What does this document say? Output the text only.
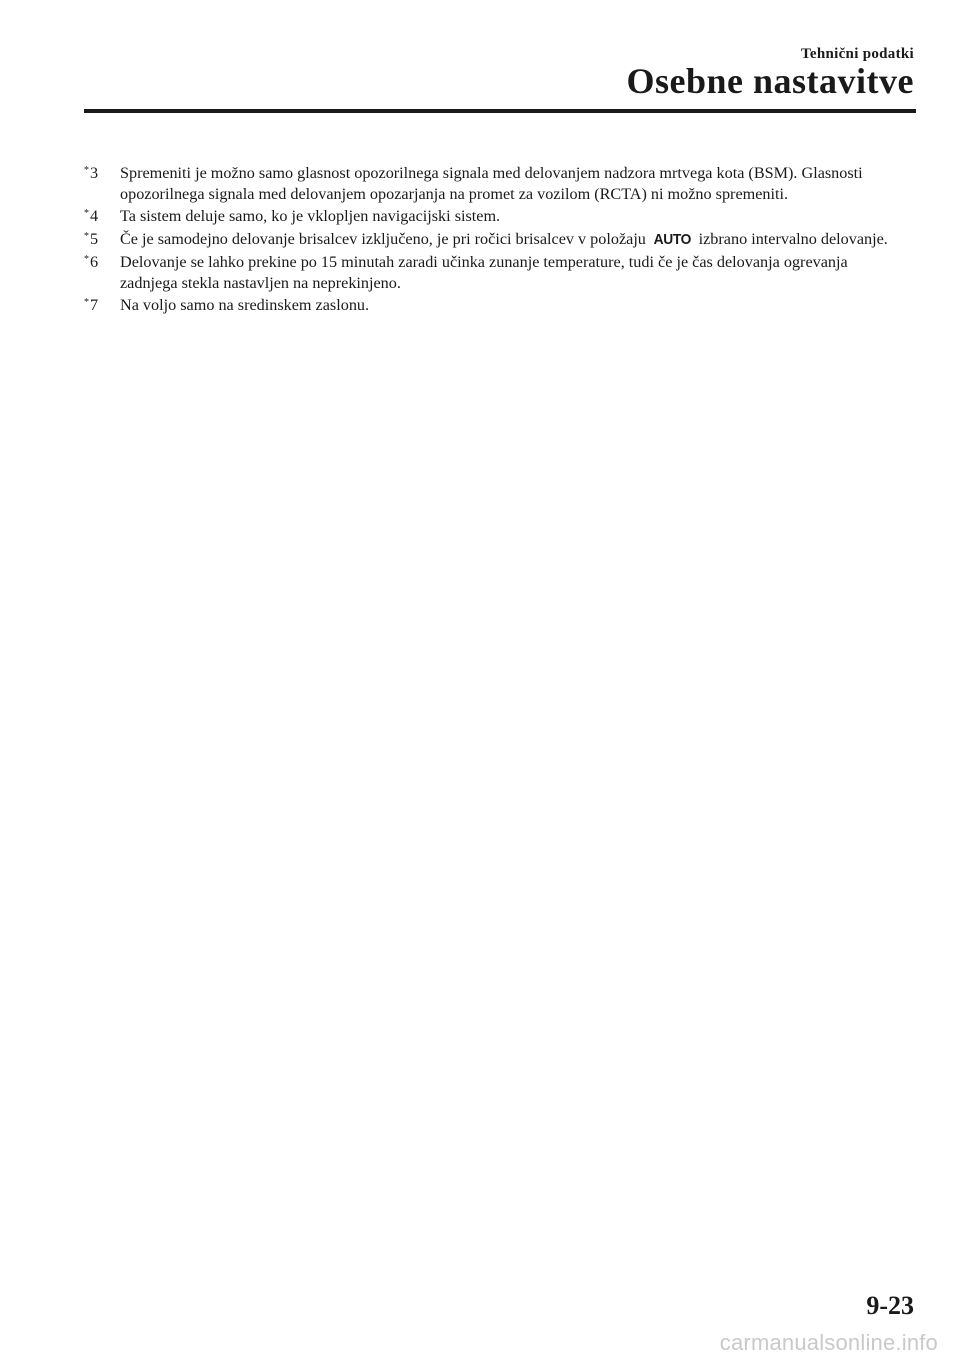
Tehnični podatki
Osebne nastavitve
*3	Spremeniti je možno samo glasnost opozorilnega signala med delovanjem nadzora mrtvega kota (BSM). Glasnosti opozorilnega signala med delovanjem opozarjanja na promet za vozilom (RCTA) ni možno spremeniti.
*4	Ta sistem deluje samo, ko je vklopljen navigacijski sistem.
*5	Če je samodejno delovanje brisalcev izključeno, je pri ročici brisalcev v položaju AUTO izbrano intervalno delovanje.
*6	Delovanje se lahko prekine po 15 minutah zaradi učinka zunanje temperature, tudi če je čas delovanja ogrevanja zadnjega stekla nastavljen na neprekinjeno.
*7	Na voljo samo na sredinskem zaslonu.
9-23
carmanualsonline.info
